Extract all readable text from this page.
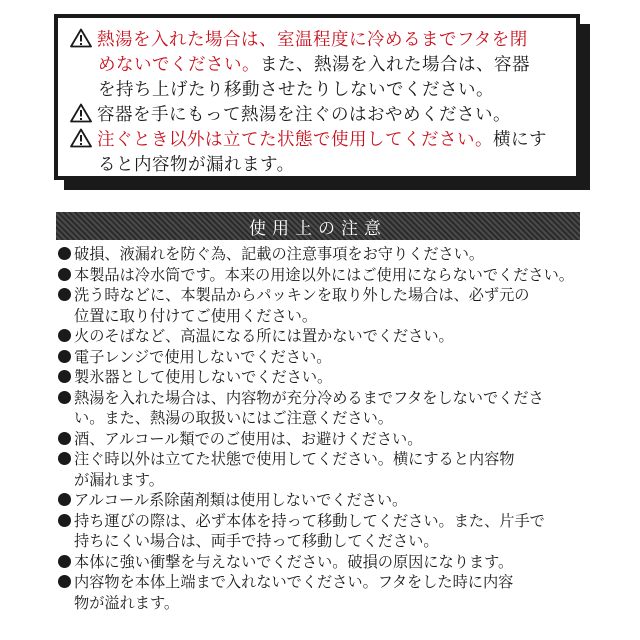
熱湯を入れた場合は、室温程度に冷めるまでフタを閉
めないでください。また、熱湯を入れた場合は、容器
を持ち上げたり移動させたりしないでください。
容器を手にもって熱湯を注ぐのはおやめください。
注ぐとき以外は立てた状態で使用してください。横にす
ると内容物が漏れます。
使用上の注意
破損、液漏れを防ぐ為、記載の注意事項をお守りください。
本製品は冷水筒です。本来の用途以外にはご使用にならないでください。
洗う時などに、本製品からパッキンを取り外した場合は、必ず元の
位置に取り付けてご使用ください。
火のそばなど、高温になる所には置かないでください。
電子レンジで使用しないでください。
製氷器として使用しないでください。
熱湯を入れた場合は、内容物が充分冷めるまでフタをしないでくださ
い。また、熱湯の取扱いにはご注意ください。
酒、アルコール類でのご使用は、お避けください。
注ぐ時以外は立てた状態で使用してください。横にすると内容物
が漏れます。
アルコール系除菌剤類は使用しないでください。
持ち運びの際は、必ず本体を持って移動してください。また、片手で
持ちにくい場合は、両手で持って移動してください。
本体に強い衝撃を与えないでください。破損の原因になります。
内容物を本体上端まで入れないでください。フタをした時に内容
物が溢れます。
